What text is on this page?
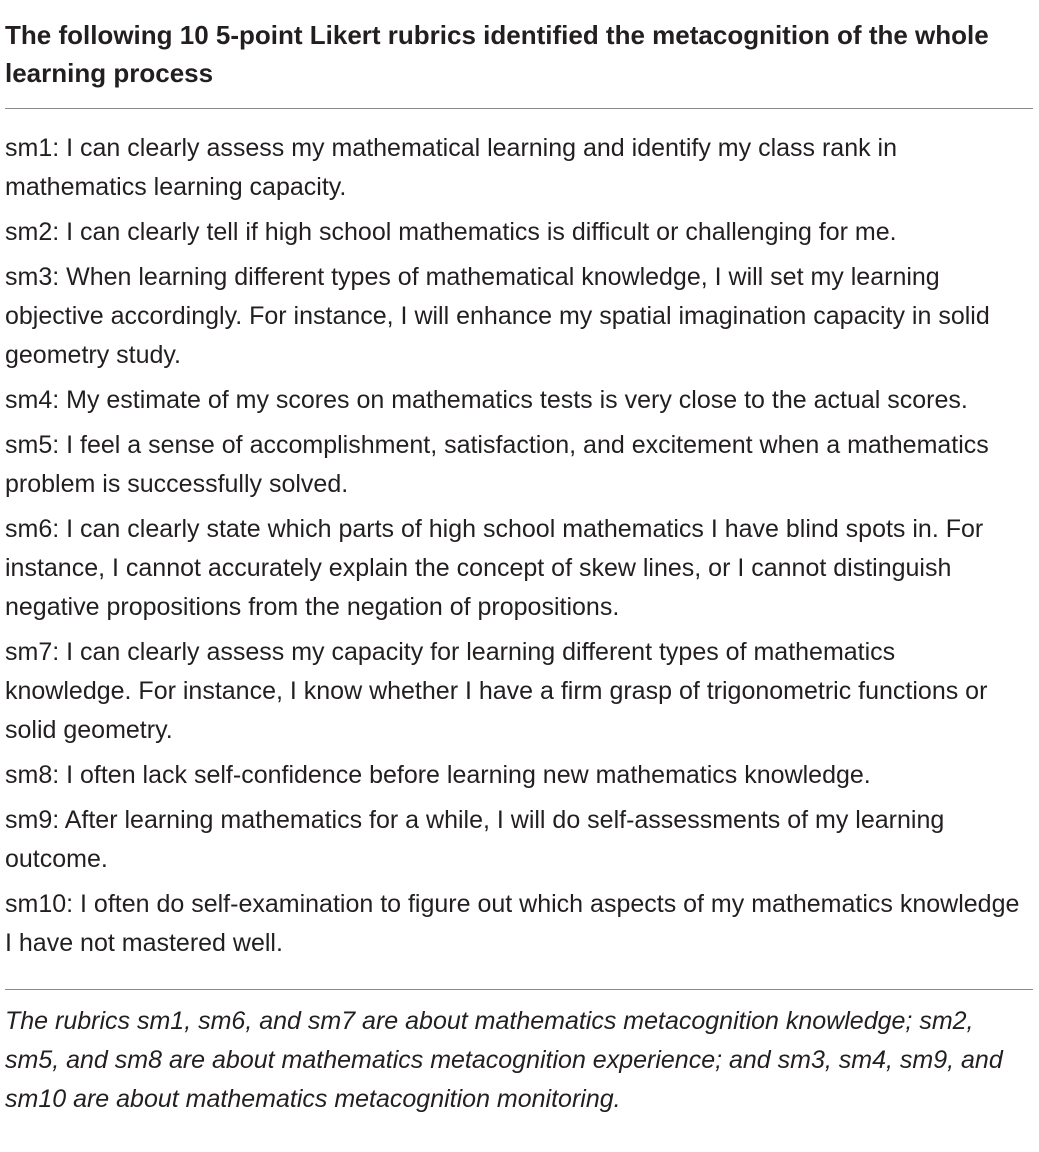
The following 10 5-point Likert rubrics identified the metacognition of the whole learning process
sm1: I can clearly assess my mathematical learning and identify my class rank in mathematics learning capacity.
sm2: I can clearly tell if high school mathematics is difficult or challenging for me.
sm3: When learning different types of mathematical knowledge, I will set my learning objective accordingly. For instance, I will enhance my spatial imagination capacity in solid geometry study.
sm4: My estimate of my scores on mathematics tests is very close to the actual scores.
sm5: I feel a sense of accomplishment, satisfaction, and excitement when a mathematics problem is successfully solved.
sm6: I can clearly state which parts of high school mathematics I have blind spots in. For instance, I cannot accurately explain the concept of skew lines, or I cannot distinguish negative propositions from the negation of propositions.
sm7: I can clearly assess my capacity for learning different types of mathematics knowledge. For instance, I know whether I have a firm grasp of trigonometric functions or solid geometry.
sm8: I often lack self-confidence before learning new mathematics knowledge.
sm9: After learning mathematics for a while, I will do self-assessments of my learning outcome.
sm10: I often do self-examination to figure out which aspects of my mathematics knowledge I have not mastered well.
The rubrics sm1, sm6, and sm7 are about mathematics metacognition knowledge; sm2, sm5, and sm8 are about mathematics metacognition experience; and sm3, sm4, sm9, and sm10 are about mathematics metacognition monitoring.
